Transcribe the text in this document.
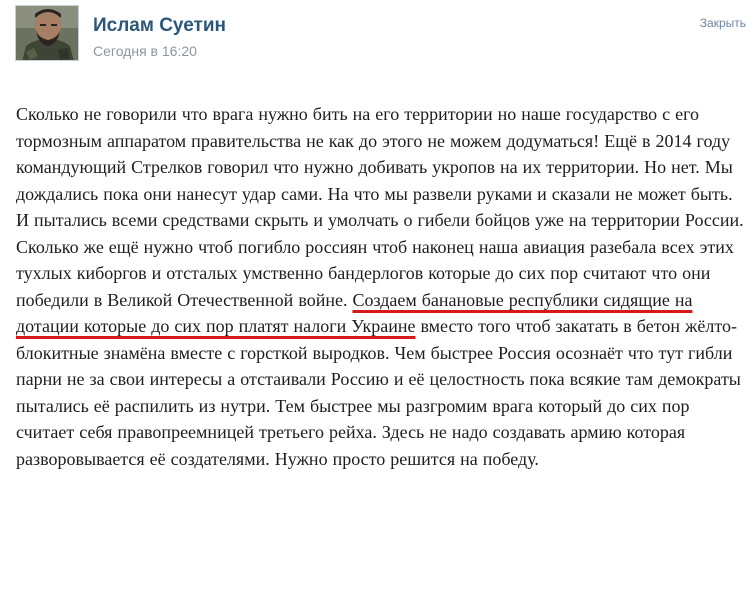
Ислам Суетин
Сегодня в 16:20
Закрыть

Сколько не говорили что врага нужно бить на его территории но наше государство с его тормозным аппаратом правительства не как до этого не можем додуматься! Ещё в 2014 году командующий Стрелков говорил что нужно добивать укропов на их территории. Но нет. Мы дождались пока они нанесут удар сами. На что мы развели руками и сказали не может быть. И пытались всеми средствами скрыть и умолчать о гибели бойцов уже на территории России. Сколько же ещё нужно чтоб погибло россиян чтоб наконец наша авиация разебала всех этих тухлых киборгов и отсталых умственно бандерлогов которые до сих пор считают что они победили в Великой Отечественной войне. Создаем банановые республики сидящие на дотации которые до сих пор платят налоги Украине вместо того чтоб закатать в бетон жёлто-блокитные знамёна вместе с горсткой выродков. Чем быстрее Россия осознаёт что тут гибли парни не за свои интересы а отстаивали Россию и её целостность пока всякие там демократы пытались её распилить из нутри. Тем быстрее мы разгромим врага который до сих пор считает себя правопреемницей третьего рейха. Здесь не надо создавать армию которая разворовывается её создателями. Нужно просто решится на победу.
